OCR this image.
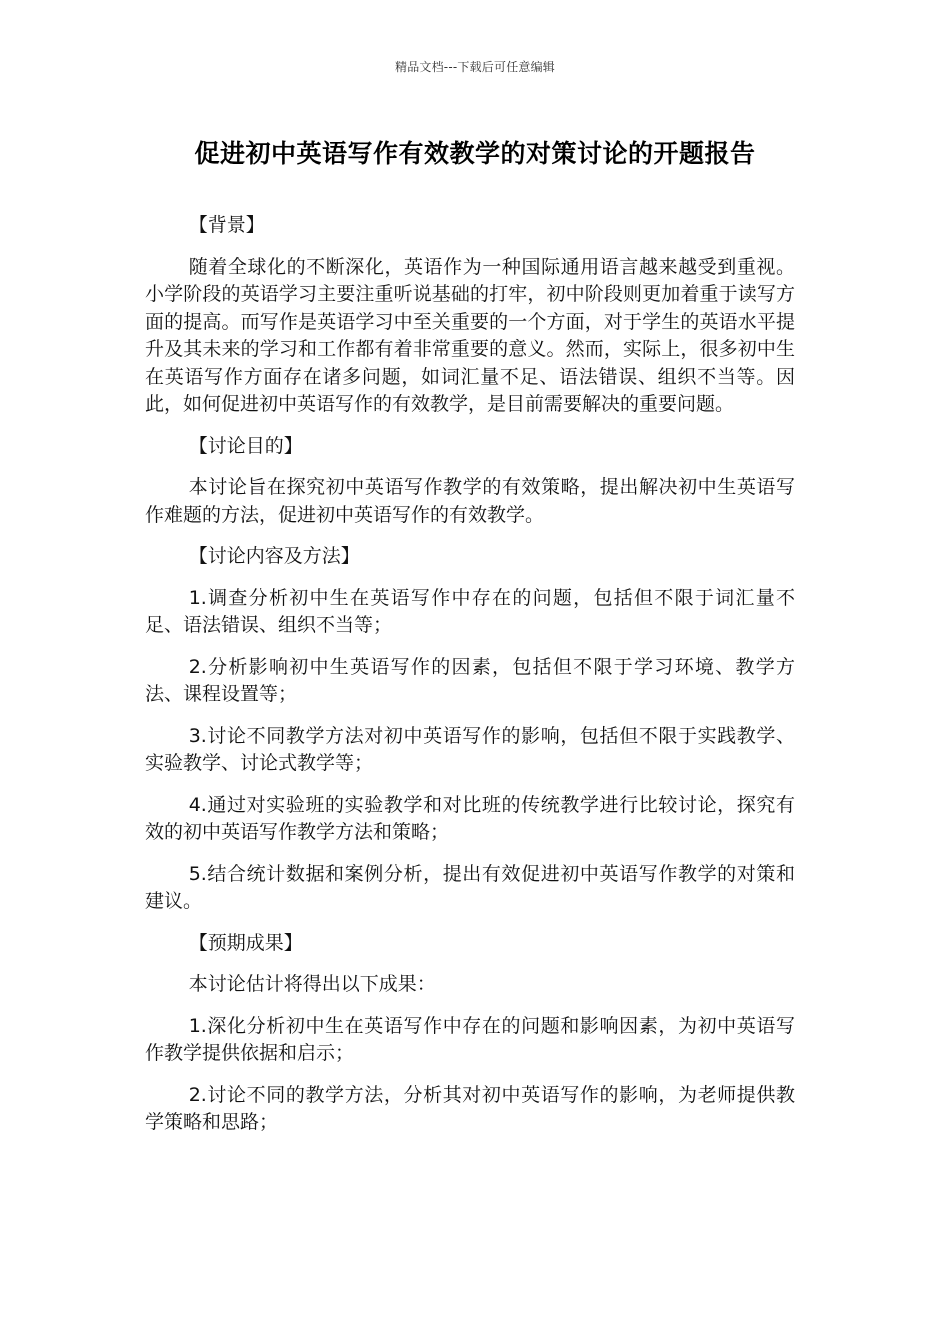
精品文档---下载后可任意编辑
促进初中英语写作有效教学的对策讨论的开题报告

【背景】

随着全球化的不断深化，英语作为一种国际通用语言越来越受到重视。小学阶段的英语学习主要注重听说基础的打牢，初中阶段则更加着重于读写方面的提高。而写作是英语学习中至关重要的一个方面，对于学生的英语水平提升及其未来的学习和工作都有着非常重要的意义。然而，实际上，很多初中生在英语写作方面存在诸多问题，如词汇量不足、语法错误、组织不当等。因此，如何促进初中英语写作的有效教学，是目前需要解决的重要问题。

【讨论目的】

本讨论旨在探究初中英语写作教学的有效策略，提出解决初中生英语写作难题的方法，促进初中英语写作的有效教学。

【讨论内容及方法】

1.调查分析初中生在英语写作中存在的问题，包括但不限于词汇量不足、语法错误、组织不当等；

2.分析影响初中生英语写作的因素，包括但不限于学习环境、教学方法、课程设置等；

3.讨论不同教学方法对初中英语写作的影响，包括但不限于实践教学、实验教学、讨论式教学等；

4.通过对实验班的实验教学和对比班的传统教学进行比较讨论，探究有效的初中英语写作教学方法和策略；

5.结合统计数据和案例分析，提出有效促进初中英语写作教学的对策和建议。

【预期成果】

本讨论估计将得出以下成果：

1.深化分析初中生在英语写作中存在的问题和影响因素，为初中英语写作教学提供依据和启示；

2.讨论不同的教学方法，分析其对初中英语写作的影响，为老师提供教学策略和思路；
